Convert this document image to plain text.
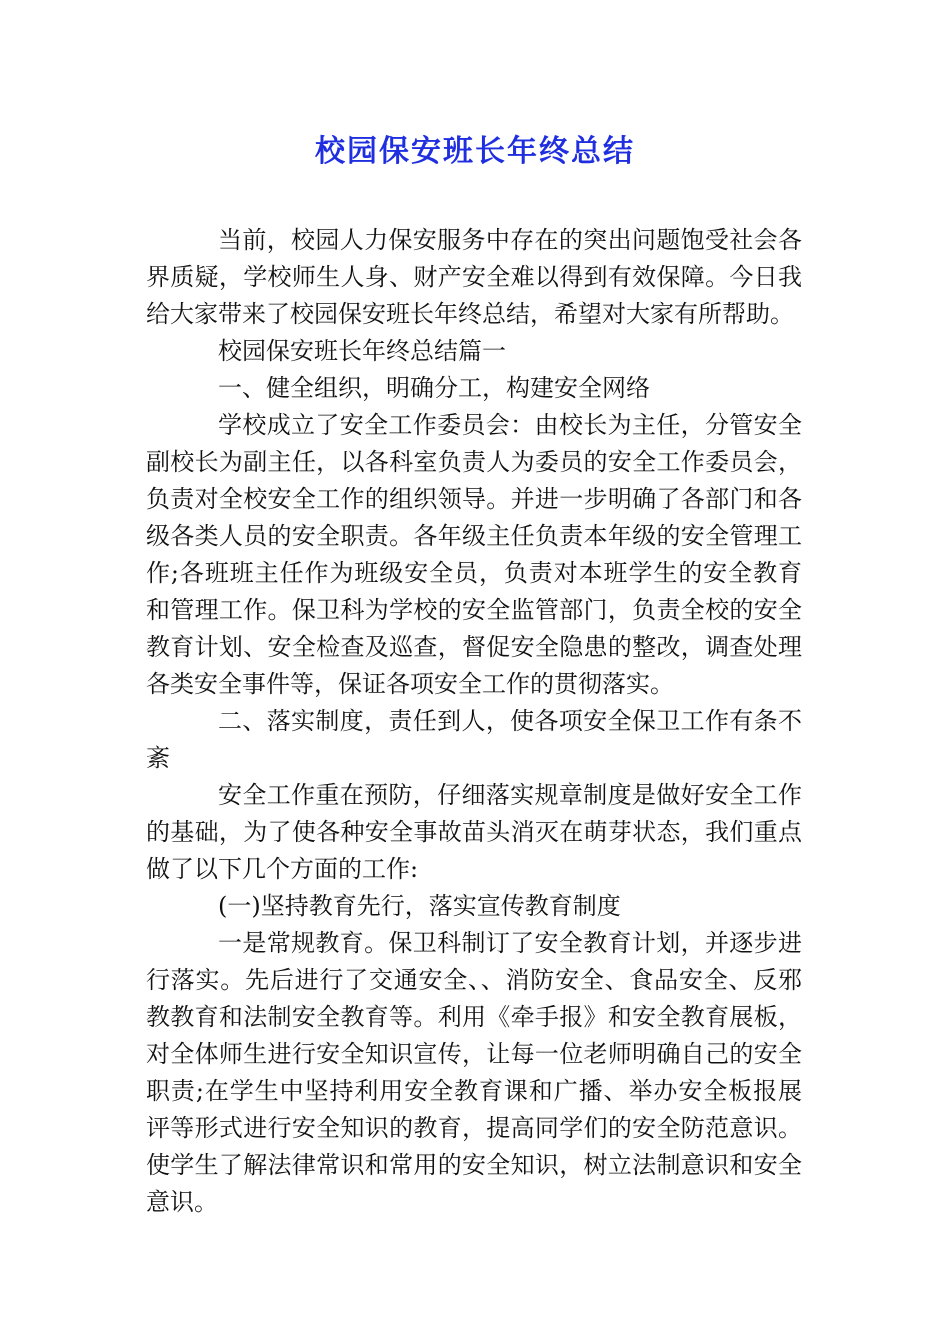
校园保安班长年终总结

当前，校园人力保安服务中存在的突出问题饱受社会各界质疑，学校师生人身、财产安全难以得到有效保障。今日我给大家带来了校园保安班长年终总结，希望对大家有所帮助。

校园保安班长年终总结篇一

一、健全组织，明确分工，构建安全网络

学校成立了安全工作委员会：由校长为主任，分管安全副校长为副主任，以各科室负责人为委员的安全工作委员会，负责对全校安全工作的组织领导。并进一步明确了各部门和各级各类人员的安全职责。各年级主任负责本年级的安全管理工作;各班班主任作为班级安全员，负责对本班学生的安全教育和管理工作。保卫科为学校的安全监管部门，负责全校的安全教育计划、安全检查及巡查，督促安全隐患的整改，调查处理各类安全事件等，保证各项安全工作的贯彻落实。

二、落实制度，责任到人，使各项安全保卫工作有条不紊

安全工作重在预防，仔细落实规章制度是做好安全工作的基础，为了使各种安全事故苗头消灭在萌芽状态，我们重点做了以下几个方面的工作:

(一)坚持教育先行，落实宣传教育制度

一是常规教育。保卫科制订了安全教育计划，并逐步进行落实。先后进行了交通安全、、消防安全、食品安全、反邪教教育和法制安全教育等。利用《牵手报》和安全教育展板，对全体师生进行安全知识宣传，让每一位老师明确自己的安全职责;在学生中坚持利用安全教育课和广播、举办安全板报展评等形式进行安全知识的教育，提高同学们的安全防范意识。使学生了解法律常识和常用的安全知识，树立法制意识和安全意识。
